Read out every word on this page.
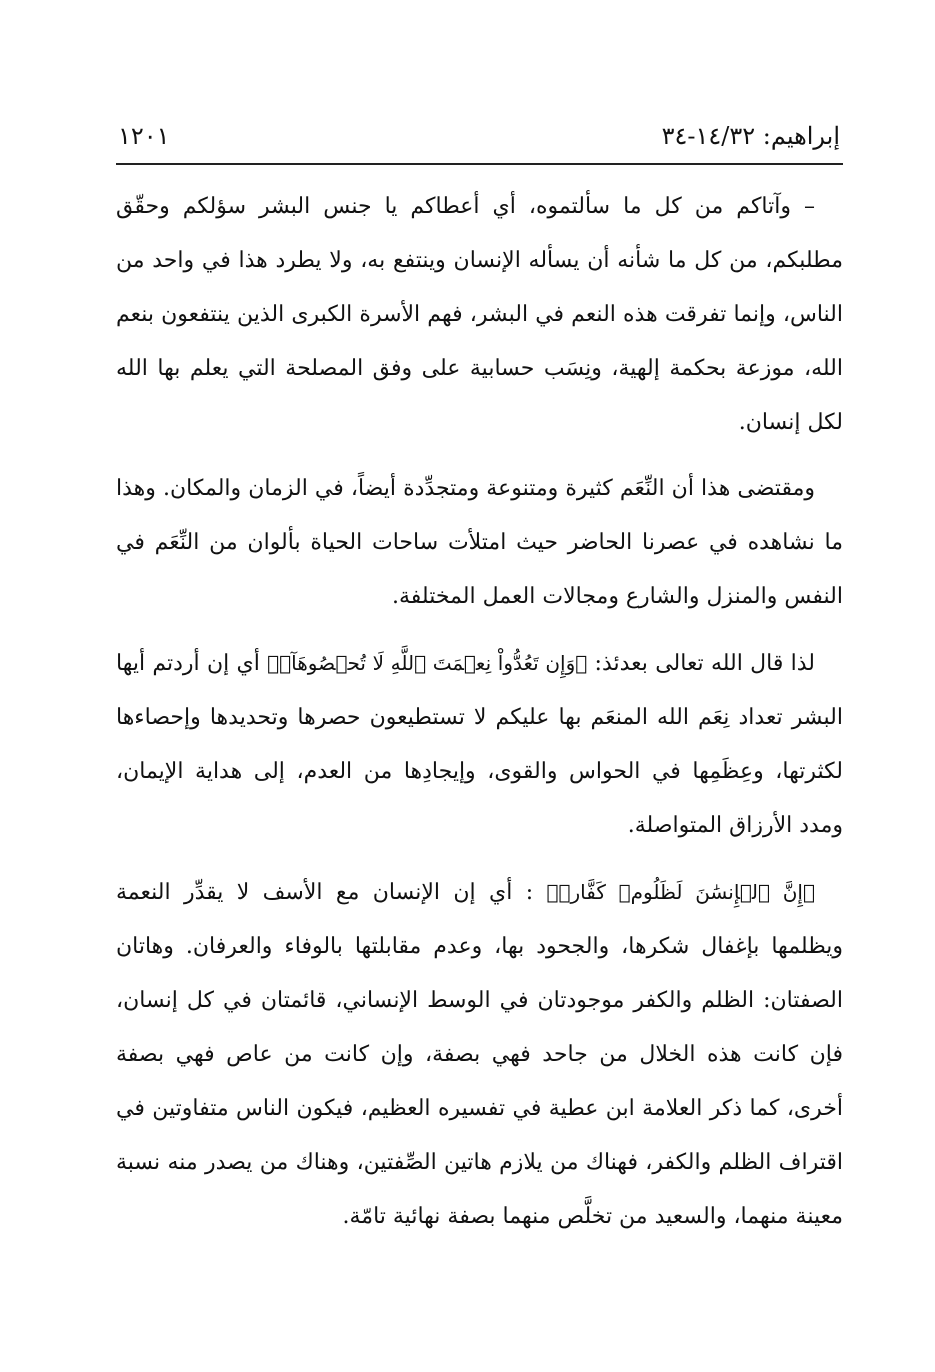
إبراهيم: ١٤/٣٢-٣٤
١٢٠١

– وآتاكم من كل ما سألتموه، أي أعطاكم يا جنس البشر سؤلكم وحقّق مطلبكم، من كل ما شأنه أن يسأله الإنسان وينتفع به، ولا يطرد هذا في واحد من الناس، وإنما تفرقت هذه النعم في البشر، فهم الأسرة الكبرى الذين ينتفعون بنعم الله، موزعة بحكمة إلهية، ونِسَب حسابية على وفق المصلحة التي يعلم بها الله لكل إنسان.

ومقتضى هذا أن النِّعَم كثيرة ومتنوعة ومتجدِّدة أيضاً، في الزمان والمكان. وهذا ما نشاهده في عصرنا الحاضر حيث امتلأت ساحات الحياة بألوان من النِّعَم في النفس والمنزل والشارع ومجالات العمل المختلفة.

لذا قال الله تعالى بعدئذ: ﴿وَإِن تَعُدُّواْ نِعۡمَتَ ٱللَّهِ لَا تُحۡصُوهَآۗ﴾ أي إن أردتم أيها البشر تعداد نِعَم الله المنعَم بها عليكم لا تستطيعون حصرها وتحديدها وإحصاءها لكثرتها، وعِظَمِها في الحواس والقوى، وإيجادِها من العدم، إلى هداية الإيمان، ومدد الأرزاق المتواصلة.

﴿إِنَّ ٱلۡإِنسَٰنَ لَظَلُومٞ كَفَّارٞ﴾ : أي إن الإنسان مع الأسف لا يقدِّر النعمة ويظلمها بإغفال شكرها، والجحود بها، وعدم مقابلتها بالوفاء والعرفان. وهاتان الصفتان: الظلم والكفر موجودتان في الوسط الإنساني، قائمتان في كل إنسان، فإن كانت هذه الخلال من جاحد فهي بصفة، وإن كانت من عاص فهي بصفة أخرى، كما ذكر العلامة ابن عطية في تفسيره العظيم، فيكون الناس متفاوتين في اقتراف الظلم والكفر، فهناك من يلازم هاتين الصِّفتين، وهناك من يصدر منه نسبة معينة منهما، والسعيد من تخلَّص منهما بصفة نهائية تامّة.
